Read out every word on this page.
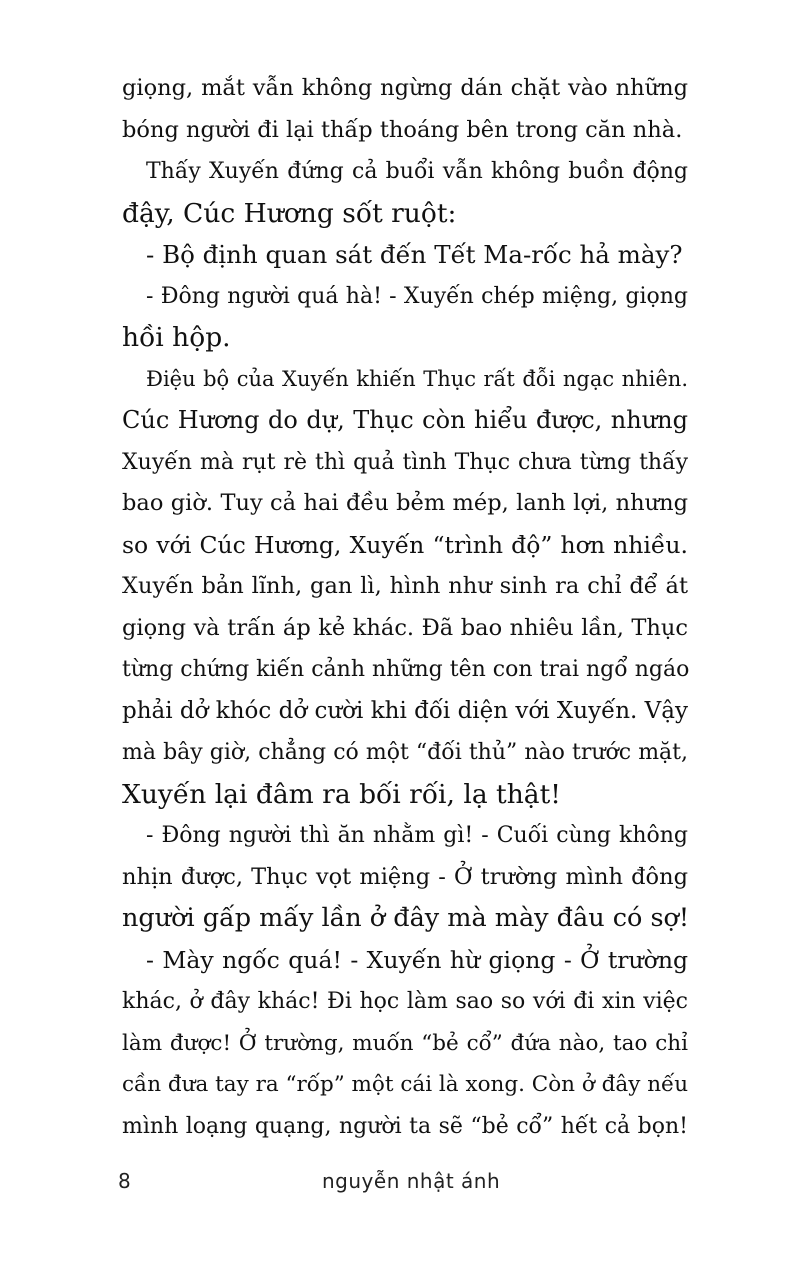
giọng, mắt vẫn không ngừng dán chặt vào những
bóng người đi lại thấp thoáng bên trong căn nhà.
Thấy Xuyến đứng cả buổi vẫn không buồn động
đậy, Cúc Hương sốt ruột:
- Bộ định quan sát đến Tết Ma-rốc hả mày?
- Đông người quá hà! - Xuyến chép miệng, giọng
hồi hộp.
Điệu bộ của Xuyến khiến Thục rất đỗi ngạc nhiên.
Cúc Hương do dự, Thục còn hiểu được, nhưng
Xuyến mà rụt rè thì quả tình Thục chưa từng thấy
bao giờ. Tuy cả hai đều bẻm mép, lanh lợi, nhưng
so với Cúc Hương, Xuyến “trình độ” hơn nhiều.
Xuyến bản lĩnh, gan lì, hình như sinh ra chỉ để át
giọng và trấn áp kẻ khác. Đã bao nhiêu lần, Thục
từng chứng kiến cảnh những tên con trai ngổ ngáo
phải dở khóc dở cười khi đối diện với Xuyến. Vậy
mà bây giờ, chẳng có một “đối thủ” nào trước mặt,
Xuyến lại đâm ra bối rối, lạ thật!
- Đông người thì ăn nhằm gì! - Cuối cùng không
nhịn được, Thục vọt miệng - Ở trường mình đông
người gấp mấy lần ở đây mà mày đâu có sợ!
- Mày ngốc quá! - Xuyến hừ giọng - Ở trường
khác, ở đây khác! Đi học làm sao so với đi xin việc
làm được! Ở trường, muốn “bẻ cổ” đứa nào, tao chỉ
cần đưa tay ra “rốp” một cái là xong. Còn ở đây nếu
mình loạng quạng, người ta sẽ “bẻ cổ” hết cả bọn!
8	nguyễn nhật ánh
